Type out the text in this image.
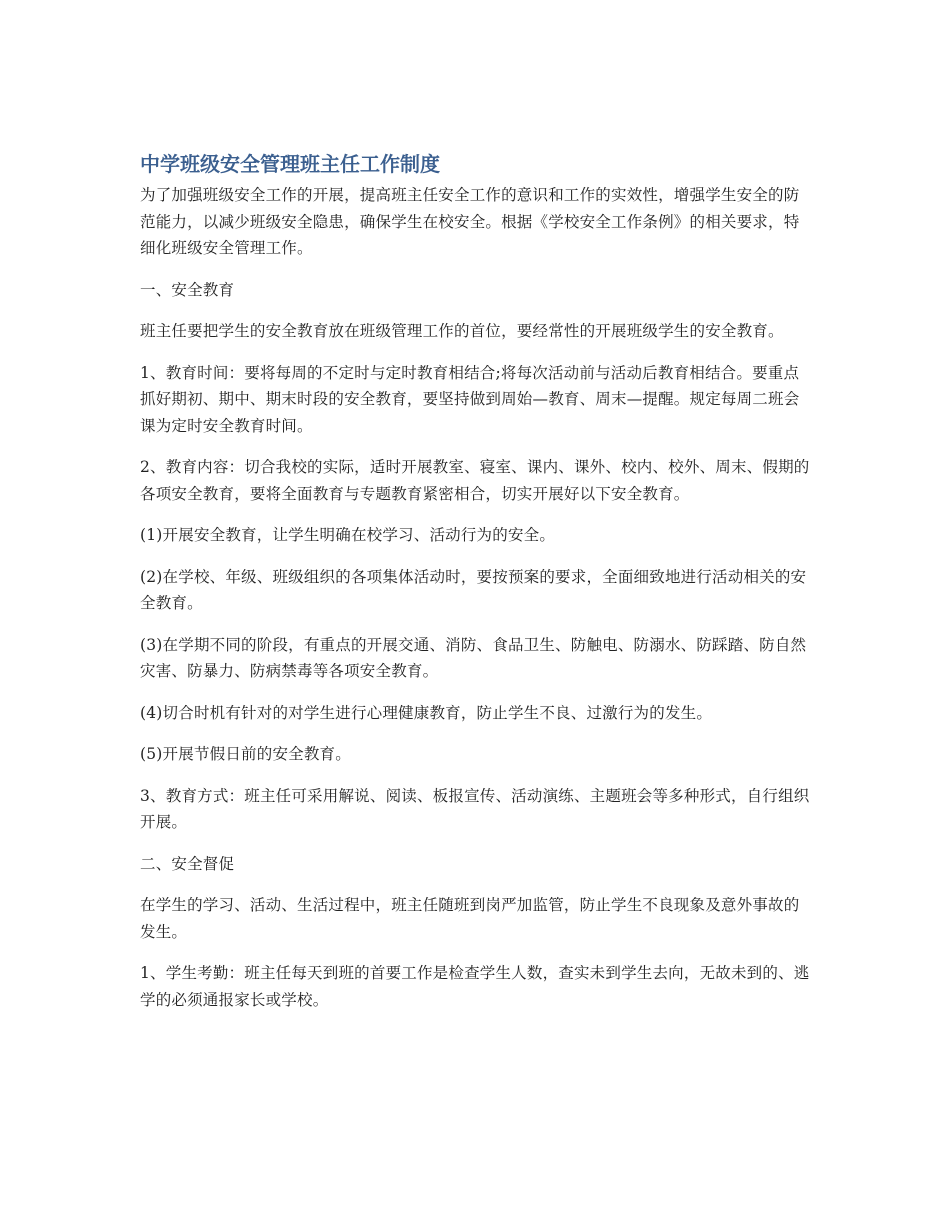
中学班级安全管理班主任工作制度

为了加强班级安全工作的开展，提高班主任安全工作的意识和工作的实效性，增强学生安全的防范能力，以减少班级安全隐患，确保学生在校安全。根据《学校安全工作条例》的相关要求，特细化班级安全管理工作。

一、安全教育

班主任要把学生的安全教育放在班级管理工作的首位，要经常性的开展班级学生的安全教育。

1、教育时间：要将每周的不定时与定时教育相结合;将每次活动前与活动后教育相结合。要重点抓好期初、期中、期末时段的安全教育，要坚持做到周始—教育、周末—提醒。规定每周二班会课为定时安全教育时间。

2、教育内容：切合我校的实际，适时开展教室、寝室、课内、课外、校内、校外、周末、假期的各项安全教育，要将全面教育与专题教育紧密相合，切实开展好以下安全教育。

(1)开展安全教育，让学生明确在校学习、活动行为的安全。

(2)在学校、年级、班级组织的各项集体活动时，要按预案的要求，全面细致地进行活动相关的安全教育。

(3)在学期不同的阶段，有重点的开展交通、消防、食品卫生、防触电、防溺水、防踩踏、防自然灾害、防暴力、防病禁毒等各项安全教育。

(4)切合时机有针对的对学生进行心理健康教育，防止学生不良、过激行为的发生。

(5)开展节假日前的安全教育。

3、教育方式：班主任可采用解说、阅读、板报宣传、活动演练、主题班会等多种形式，自行组织开展。

二、安全督促

在学生的学习、活动、生活过程中，班主任随班到岗严加监管，防止学生不良现象及意外事故的发生。

1、学生考勤：班主任每天到班的首要工作是检查学生人数，查实未到学生去向，无故未到的、逃学的必须通报家长或学校。
